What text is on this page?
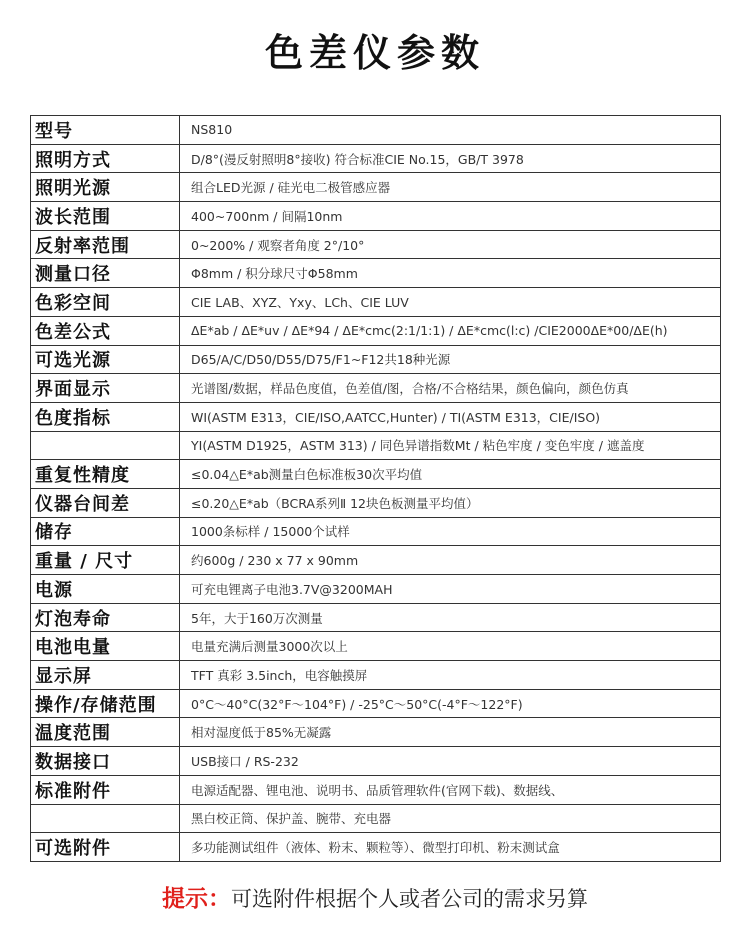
色差仪参数
型号	NS810
照明方式	D/8°(漫反射照明8°接收) 符合标准CIE No.15，GB/T 3978
照明光源	组合LED光源 / 硅光电二极管感应器
波长范围	400~700nm / 间隔10nm
反射率范围	0~200% / 观察者角度 2°/10°
测量口径	Φ8mm / 积分球尺寸Φ58mm
色彩空间	CIE LAB、XYZ、Yxy、LCh、CIE LUV
色差公式	ΔE*ab / ΔE*uv / ΔE*94 / ΔE*cmc(2:1/1:1) / ΔE*cmc(l:c) /CIE2000ΔE*00/ΔE(h)
可选光源	D65/A/C/D50/D55/D75/F1~F12共18种光源
界面显示	光谱图/数据，样品色度值，色差值/图，合格/不合格结果，颜色偏向，颜色仿真
色度指标	WI(ASTM E313，CIE/ISO,AATCC,Hunter) / TI(ASTM E313，CIE/ISO)
	YI(ASTM D1925，ASTM 313) / 同色异谱指数Mt / 粘色牢度 / 变色牢度 / 遮盖度
重复性精度	≤0.04△E*ab测量白色标准板30次平均值
仪器台间差	≤0.20△E*ab（BCRA系列Ⅱ 12块色板测量平均值）
储存	1000条标样 / 15000个试样
重量 / 尺寸	约600g / 230 x 77 x 90mm
电源	可充电锂离子电池3.7V@3200MAH
灯泡寿命	5年，大于160万次测量
电池电量	电量充满后测量3000次以上
显示屏	TFT 真彩 3.5inch，电容触摸屏
操作/存储范围	0°C～40°C(32°F～104°F) / -25°C～50°C(-4°F～122°F)
温度范围	相对湿度低于85%无凝露
数据接口	USB接口 / RS-232
标准附件	电源适配器、锂电池、说明书、品质管理软件(官网下载)、数据线、
	黑白校正筒、保护盖、腕带、充电器
可选附件	多功能测试组件（液体、粉末、颗粒等）、微型打印机、粉末测试盒
提示：可选附件根据个人或者公司的需求另算
